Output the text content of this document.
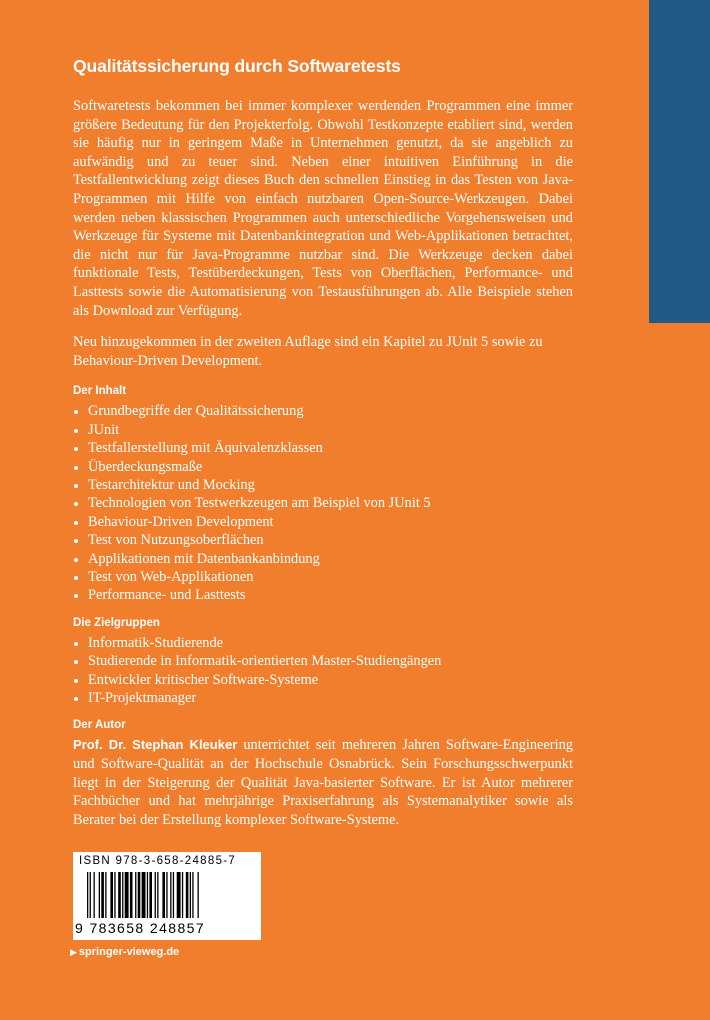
Qualitätssicherung durch Softwaretests

Softwaretests bekommen bei immer komplexer werdenden Programmen eine immer größere Bedeutung für den Projekterfolg. Obwohl Testkonzepte etabliert sind, werden sie häufig nur in geringem Maße in Unternehmen genutzt, da sie angeblich zu aufwändig und zu teuer sind. Neben einer intuitiven Einführung in die Testfallentwicklung zeigt dieses Buch den schnellen Einstieg in das Testen von Java-Programmen mit Hilfe von einfach nutzbaren Open-Source-Werkzeugen. Dabei werden neben klassischen Programmen auch unterschiedliche Vorgehensweisen und Werkzeuge für Systeme mit Datenbankintegration und Web-Applikationen betrachtet, die nicht nur für Java-Programme nutzbar sind. Die Werkzeuge decken dabei funktionale Tests, Testüberdeckungen, Tests von Oberflächen, Performance- und Lasttests sowie die Automatisierung von Testausführungen ab. Alle Beispiele stehen als Download zur Verfügung.

Neu hinzugekommen in der zweiten Auflage sind ein Kapitel zu JUnit 5 sowie zu Behaviour-Driven Development.

Der Inhalt
Grundbegriffe der Qualitätssicherung
JUnit
Testfallerstellung mit Äquivalenzklassen
Überdeckungsmaße
Testarchitektur und Mocking
Technologien von Testwerkzeugen am Beispiel von JUnit 5
Behaviour-Driven Development
Test von Nutzungsoberflächen
Applikationen mit Datenbankanbindung
Test von Web-Applikationen
Performance- und Lasttests
Die Zielgruppen
Informatik-Studierende
Studierende in Informatik-orientierten Master-Studiengängen
Entwickler kritischer Software-Systeme
IT-Projektmanager
Der Autor

Prof. Dr. Stephan Kleuker unterrichtet seit mehreren Jahren Software-Engineering und Software-Qualität an der Hochschule Osnabrück. Sein Forschungsschwerpunkt liegt in der Steigerung der Qualität Java-basierter Software. Er ist Autor mehrerer Fachbücher und hat mehrjährige Praxiserfahrung als Systemanalytiker sowie als Berater bei der Erstellung komplexer Software-Systeme.

ISBN 978-3-658-24885-7
9 783658 248857
▶ springer-vieweg.de
